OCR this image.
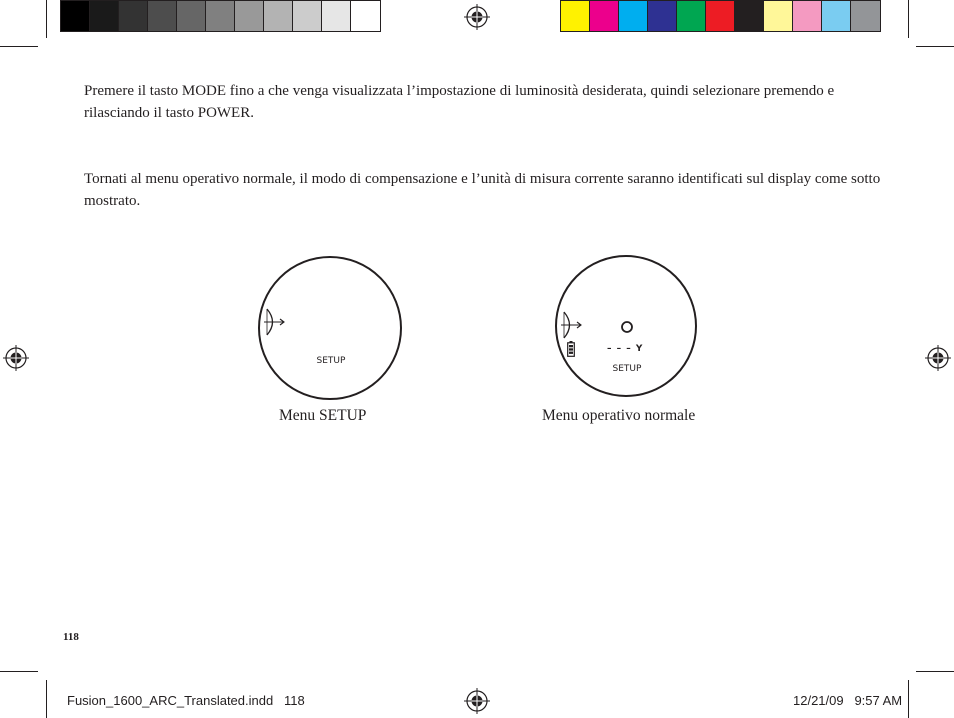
Premere il tasto MODE fino a che venga visualizzata l’impostazione di luminosità desiderata, quindi selezionare premendo e rilasciando il tasto POWER.
Tornati al menu operativo normale, il modo di compensazione e l’unità di misura corrente saranno identificati sul display come sotto mostrato.
SETUP
– – – Y
SETUP
Menu SETUP	Menu operativo normale
118
Fusion_1600_ARC_Translated.indd   118	12/21/09   9:57 AM
